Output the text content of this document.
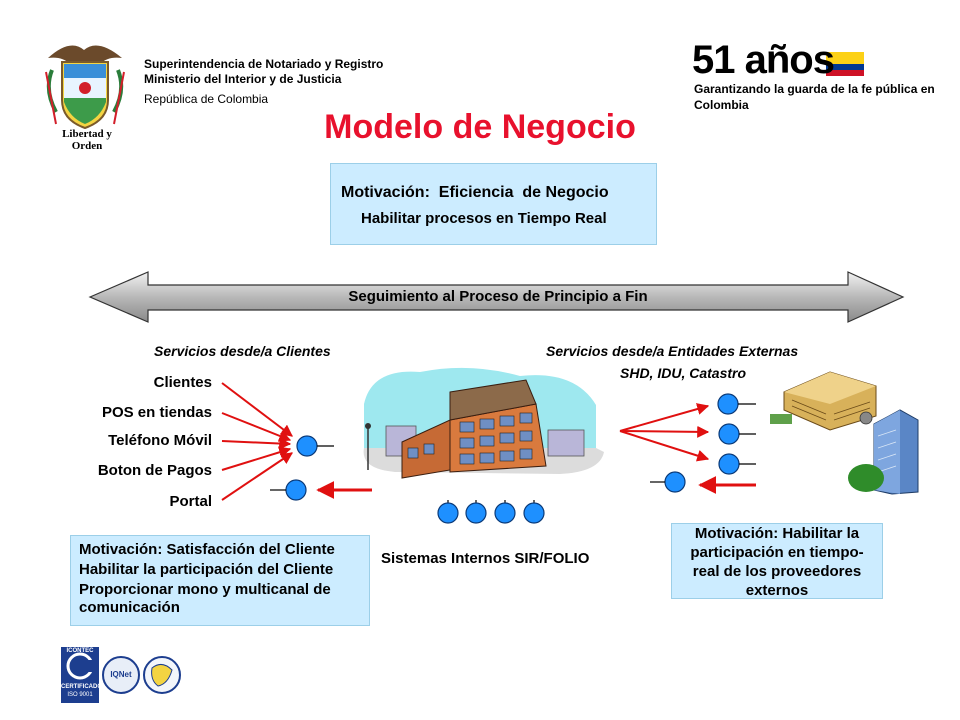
Libertad y Orden
Superintendencia de Notariado y Registro
Ministerio del Interior y de Justicia
República de Colombia
51 años
Garantizando la guarda de la fe pública en
Colombia
Modelo de Negocio
Motivación:  Eficiencia  de Negocio
Habilitar procesos en Tiempo Real
Seguimiento al Proceso de Principio a Fin
Servicios desde/a Clientes	Servicios desde/a Entidades Externas
SHD, IDU, Catastro
Clientes
POS en tiendas
Teléfono Móvil
Boton de Pagos
Portal
Sistemas Internos SIR/FOLIO
Motivación: Satisfacción del Cliente
Habilitar la participación del Cliente
Proporcionar mono y multicanal de
comunicación
Motivación: Habilitar la
participación en tiempo-
real de los proveedores
externos
ICONTEC
CERTIFICADO
ISO 9001
IQNet
